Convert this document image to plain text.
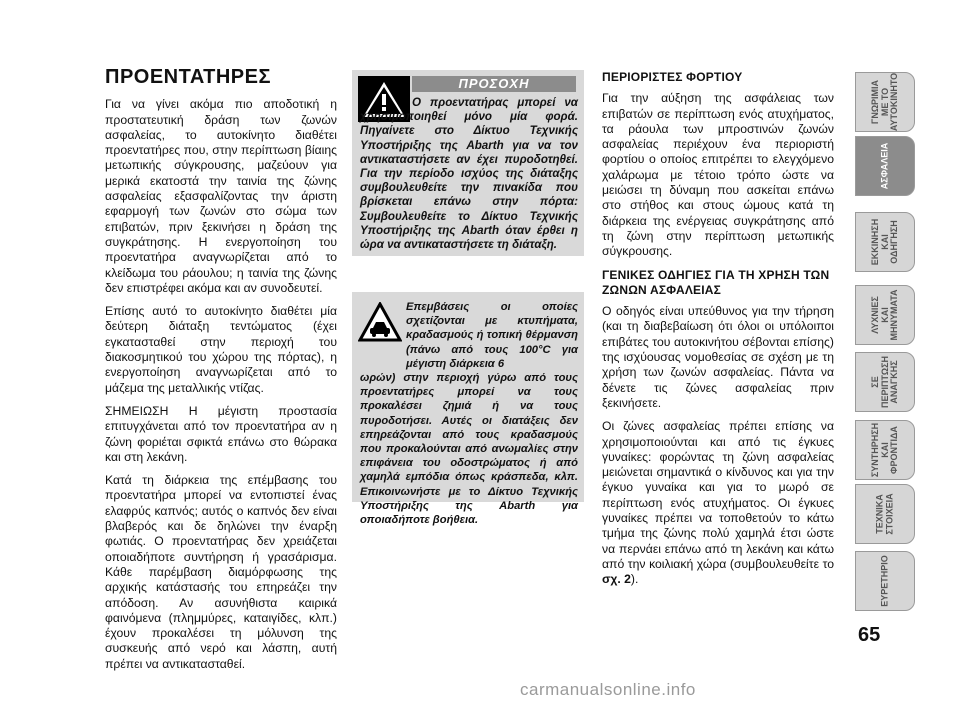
ΠΡΟΕΝΤΑΤΗΡΕΣ

Για να γίνει ακόμα πιο αποδοτική η προστατευτική δράση των ζωνών ασφαλείας, το αυτοκίνητο διαθέτει προεντατήρες που, στην περίπτωση βίαιης μετωπικής σύγκρουσης, μαζεύουν για μερικά εκατοστά την ταινία της ζώνης ασφαλείας εξασφαλίζοντας την άριστη εφαρμογή των ζωνών στο σώμα των επιβατών, πριν ξεκινήσει η δράση της συγκράτησης. Η ενεργοποίηση του προεντατήρα αναγνωρίζεται από το κλείδωμα του ράουλου; η ταινία της ζώνης δεν επιστρέφει ακόμα και αν συνοδευτεί.

Επίσης αυτό το αυτοκίνητο διαθέτει μία δεύτερη διάταξη τεντώματος (έχει εγκατασταθεί στην περιοχή του διακοσμητικού του χώρου της πόρτας), η ενεργοποίηση αναγνωρίζεται από το μάζεμα της μεταλλικής ντίζας.

ΣΗΜΕΙΩΣΗ Η μέγιστη προστασία επιτυγχάνεται από τον προεντατήρα αν η ζώνη φοριέται σφικτά επάνω στο θώρακα και στη λεκάνη.

Κατά τη διάρκεια της επέμβασης του προεντατήρα μπορεί να εντοπιστεί ένας ελαφρύς καπνός; αυτός ο καπνός δεν είναι βλαβερός και δε δηλώνει την έναρξη φωτιάς. Ο προεντατήρας δεν χρειάζεται οποιαδήποτε συντήρηση ή γρασάρισμα. Κάθε παρέμβαση διαμόρφωσης της αρχικής κατάστασής του επηρεάζει την απόδοση. Αν ασυνήθιστα καιρικά φαινόμενα (πλημμύρες, καταιγίδες, κλπ.) έχουν προκαλέσει τη μόλυνση της συσκευής από νερό και λάσπη, αυτή πρέπει να αντικατασταθεί.

ΠΡΟΣΟΧΗ
Ο προεντατήρας μπορεί να χρησιμοποιηθεί μόνο μία φορά. Πηγαίνετε στο Δίκτυο Τεχνικής Υποστήριξης της Abarth για να τον αντικαταστήσετε αν έχει πυροδοτηθεί. Για την περίοδο ισχύος της διάταξης συμβουλευθείτε την πινακίδα που βρίσκεται επάνω στην πόρτα: Συμβουλευθείτε το Δίκτυο Τεχνικής Υποστήριξης της Abarth όταν έρθει η ώρα να αντικαταστήσετε τη διάταξη.
Επεμβάσεις οι οποίες σχετίζονται με κτυπήματα, κραδασμούς ή τοπική θέρμανση (πάνω από τους 100°C για μέγιστη διάρκεια 6
ωρών) στην περιοχή γύρω από τους προεντατήρες μπορεί να τους προκαλέσει ζημιά ή να τους πυροδοτήσει. Αυτές οι διατάξεις δεν επηρεάζονται από τους κραδασμούς που προκαλούνται από ανωμαλίες στην επιφάνεια του οδοστρώματος ή από χαμηλά εμπόδια όπως κράσπεδα, κλπ. Επικοινωνήστε με το Δίκτυο Τεχνικής Υποστήριξης της Abarth για οποιαδήποτε βοήθεια.
ΠΕΡΙΟΡΙΣΤΕΣ ΦΟΡΤΙΟΥ

Για την αύξηση της ασφάλειας των επιβατών σε περίπτωση ενός ατυχήματος, τα ράουλα των μπροστινών ζωνών ασφαλείας περιέχουν ένα περιοριστή φορτίου ο οποίος επιτρέπει το ελεγχόμενο χαλάρωμα με τέτοιο τρόπο ώστε να μειώσει τη δύναμη που ασκείται επάνω στο στήθος και στους ώμους κατά τη διάρκεια της ενέργειας συγκράτησης από τη ζώνη στην περίπτωση μετωπικής σύγκρουσης.

ΓΕΝΙΚΕΣ ΟΔΗΓΙΕΣ ΓΙΑ ΤΗ ΧΡΗΣΗ ΤΩΝ ΖΩΝΩΝ ΑΣΦΑΛΕΙΑΣ

Ο οδηγός είναι υπεύθυνος για την τήρηση (και τη διαβεβαίωση ότι όλοι οι υπόλοιποι επιβάτες του αυτοκινήτου σέβονται επίσης) της ισχύουσας νομοθεσίας σε σχέση με τη χρήση των ζωνών ασφαλείας. Πάντα να δένετε τις ζώνες ασφαλείας πριν ξεκινήσετε.

Οι ζώνες ασφαλείας πρέπει επίσης να χρησιμοποιούνται και από τις έγκυες γυναίκες: φορώντας τη ζώνη ασφαλείας μειώνεται σημαντικά ο κίνδυνος και για την έγκυο γυναίκα και για το μωρό σε περίπτωση ενός ατυχήματος. Οι έγκυες γυναίκες πρέπει να τοποθετούν το κάτω τμήμα της ζώνης πολύ χαμηλά έτσι ώστε να περνάει επάνω από τη λεκάνη και κάτω από την κοιλιακή χώρα (συμβουλευθείτε το σχ. 2).

ΓΝΩΡΙΜΙΑ
ΜΕ ΤΟ
ΑΥΤΟΚΙΝΗΤΟ
ΑΣΦΑΛΕΙΑ
ΕΚΚΙΝΗΣΗ
ΚΑΙ
ΟΔΗΓΗΣΗ
ΛΥΧΝΙΕΣ
ΚΑΙ
ΜΗΝΥΜΑΤΑ
ΣΕ
ΠΕΡΙΠΤΩΣΗ
ΑΝΑΓΚΗΣ
ΣΥΝΤΗΡΗΣΗ
ΚΑΙ
ΦΡΟΝΤΙΔΑ
ΤΕΧΝΙΚΑ
ΣΤΟΙΧΕΙΑ
ΕΥΡΕΤΗΡΙΟ
65
carmanualsonline.info
